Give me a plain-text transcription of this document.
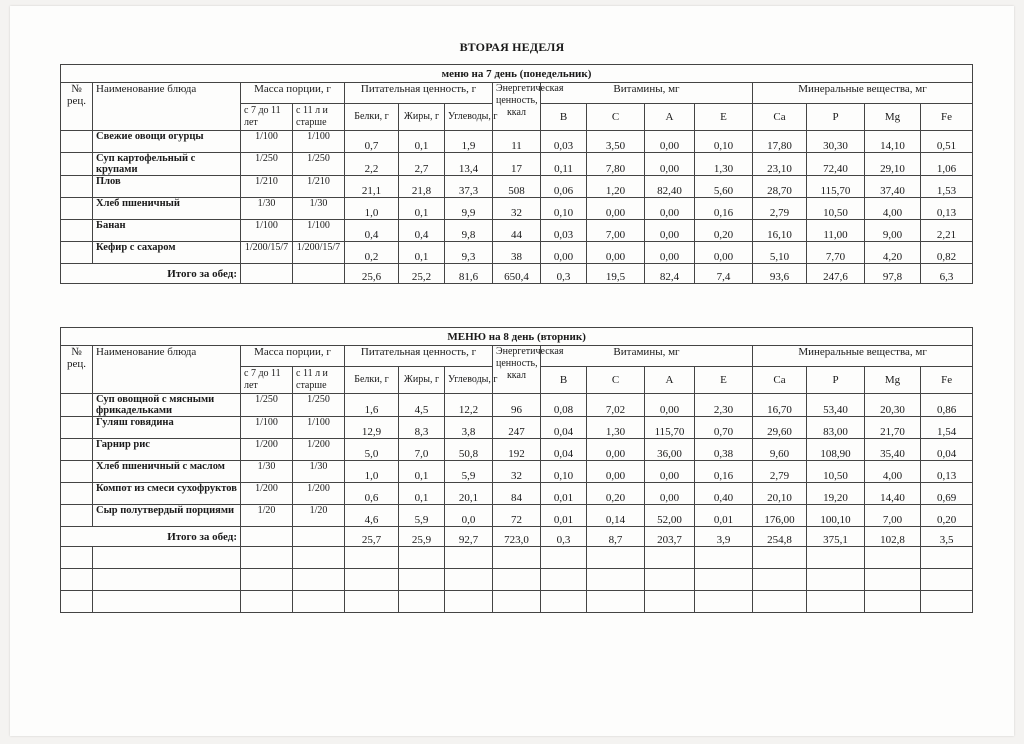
ВТОРАЯ НЕДЕЛЯ
меню на 7 день (понедельник)															
№ рец.	Наименование блюда	Масса порции, г		Питательная ценность, г			Энергетическая ценность, ккал	Витамины, мг				Минеральные вещества, мг			
		с 7 до 11 лет	с 11 л и старше	Белки, г	Жиры, г	Углеводы, г		B	C	A	E	Ca	P	Mg	Fe
	Свежие овощи огурцы	1/100	1/100	0,7	0,1	1,9	11	0,03	3,50	0,00	0,10	17,80	30,30	14,10	0,51
	Суп картофельный с крупами	1/250	1/250	2,2	2,7	13,4	17	0,11	7,80	0,00	1,30	23,10	72,40	29,10	1,06
	Плов	1/210	1/210	21,1	21,8	37,3	508	0,06	1,20	82,40	5,60	28,70	115,70	37,40	1,53
	Хлеб пшеничный	1/30	1/30	1,0	0,1	9,9	32	0,10	0,00	0,00	0,16	2,79	10,50	4,00	0,13
	Банан	1/100	1/100	0,4	0,4	9,8	44	0,03	7,00	0,00	0,20	16,10	11,00	9,00	2,21
	Кефир с сахаром	1/200/15/7	1/200/15/7	0,2	0,1	9,3	38	0,00	0,00	0,00	0,00	5,10	7,70	4,20	0,82
Итого за обед:				25,6	25,2	81,6	650,4	0,3	19,5	82,4	7,4	93,6	247,6	97,8	6,3
МЕНЮ на 8 день (вторник)															
№ рец.	Наименование блюда	Масса порции, г		Питательная ценность, г			Энергетическая ценность, ккал	Витамины, мг				Минеральные вещества, мг			
		с 7 до 11 лет	с 11 л и старше	Белки, г	Жиры, г	Углеводы, г		B	C	A	E	Ca	P	Mg	Fe
	Суп овощной с мясными фрикадельками	1/250	1/250	1,6	4,5	12,2	96	0,08	7,02	0,00	2,30	16,70	53,40	20,30	0,86
	Гуляш говядина	1/100	1/100	12,9	8,3	3,8	247	0,04	1,30	115,70	0,70	29,60	83,00	21,70	1,54
	Гарнир рис	1/200	1/200	5,0	7,0	50,8	192	0,04	0,00	36,00	0,38	9,60	108,90	35,40	0,04
	Хлеб пшеничный с маслом	1/30	1/30	1,0	0,1	5,9	32	0,10	0,00	0,00	0,16	2,79	10,50	4,00	0,13
	Компот из смеси сухофруктов	1/200	1/200	0,6	0,1	20,1	84	0,01	0,20	0,00	0,40	20,10	19,20	14,40	0,69
	Сыр полутвердый порциями	1/20	1/20	4,6	5,9	0,0	72	0,01	0,14	52,00	0,01	176,00	100,10	7,00	0,20
Итого за обед:				25,7	25,9	92,7	723,0	0,3	8,7	203,7	3,9	254,8	375,1	102,8	3,5
